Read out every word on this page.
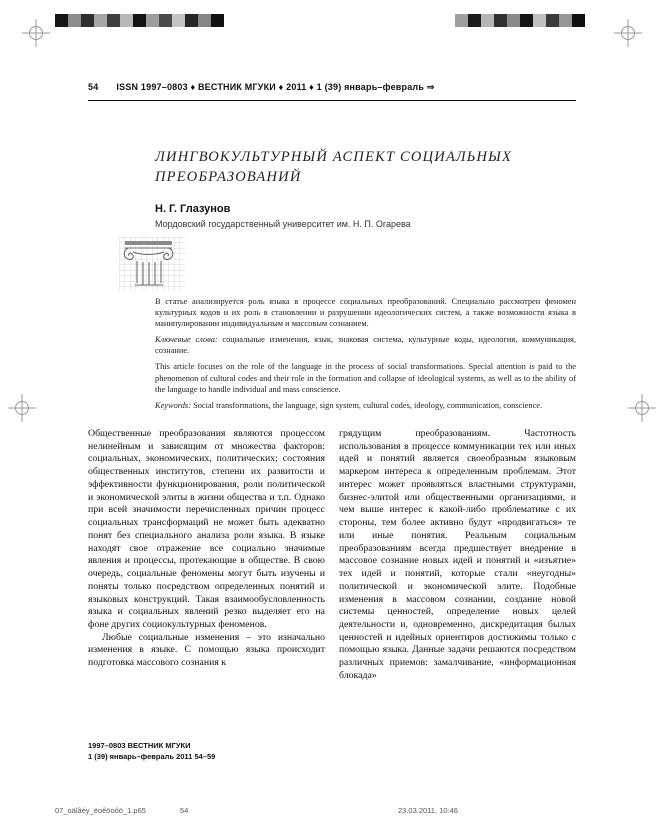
54 ISSN 1997–0803 ♦ ВЕСТНИК МГУКИ ♦ 2011 ♦ 1 (39) январь–февраль ⇒
ЛИНГВОКУЛЬТУРНЫЙ АСПЕКТ СОЦИАЛЬНЫХ ПРЕОБРАЗОВАНИЙ
Н. Г. Глазунов
Мордовский государственный университет им. Н. П. Огарева

В статье анализируется роль языка в процессе социальных преобразований. Специально рассмотрен феномен культурных кодов и их роль в становлении и разрушении идеологических систем, а также возможности языка в манипулировании индивидуальным и массовым сознанием.

Ключевые слова: социальные изменения, язык, знаковая система, культурные коды, идеология, коммуникация, сознание.

This article focuses on the role of the language in the process of social transformations. Special attention is paid to the phenomenon of cultural codes and their role in the formation and collapse of ideological systems, as well as to the ability of the language to handle individual and mass conscience.

Keywords: Social transformations, the language, sign system, cultural codes, ideology, communication, conscience.

Общественные преобразования являются процессом нелинейным и зависящим от множества факторов: социальных, экономических, политических; состояния общественных институтов, степени их развитости и эффективности функционирования, роли политической и экономической элиты в жизни общества и т.п. Однако при всей значимости перечисленных причин процесс социальных трансформаций не может быть адекватно понят без специального анализа роли языка. В языке находят свое отражение все социально значимые явления и процессы, протекающие в обществе. В свою очередь, социальные феномены могут быть изучены и поняты только посредством определенных понятий и языковых конструкций. Такая взаимообусловленность языка и социальных явлений резко выделяет его на фоне других социокультурных феноменов.

Любые социальные изменения – это изначально изменения в языке. С помощью языка происходит подготовка массового сознания к

грядущим преобразованиям. Частотность использования в процессе коммуникации тех или иных идей и понятий является своеобразным языковым маркером интереса к определенным проблемам. Этот интерес может проявляться властными структурами, бизнес-элитой или общественными организациями, и чем выше интерес к какой-либо проблематике с их стороны, тем более активно будут «продвигаться» те или иные понятия. Реальным социальным преобразованиям всегда предшествует внедрение в массовое сознание новых идей и понятий и «изъятие» тех идей и понятий, которые стали «неугодны» политической и экономической элите. Подобные изменения в массовом сознании, создание новой системы ценностей, определение новых целей деятельности и, одновременно, дискредитация былых ценностей и идейных ориентиров достижимы только с помощью языка. Данные задачи решаются посредством различных приемов: замалчивание, «информационная блокада»

1997–0803 ВЕСТНИК МГУКИ
1 (39) январь–февраль 2011 54–59
07_oälâéy_ëoêöoôö_1.p65	54	23.03.2011, 10:46
